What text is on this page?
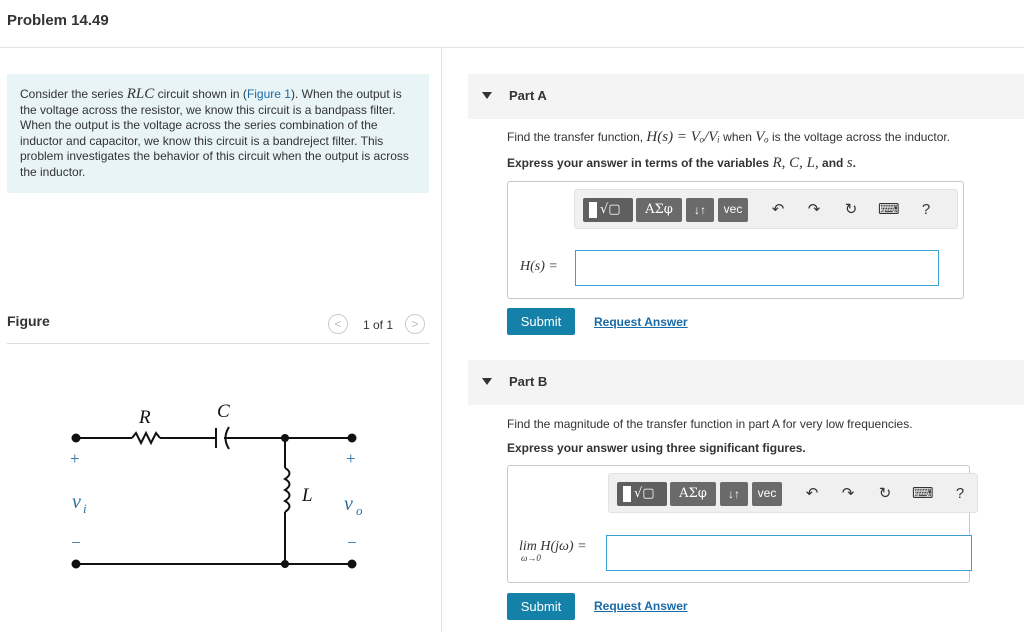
Problem 14.49
Consider the series RLC circuit shown in (Figure 1). When the output is the voltage across the resistor, we know this circuit is a bandpass filter. When the output is the voltage across the series combination of the inductor and capacitor, we know this circuit is a bandreject filter. This problem investigates the behavior of this circuit when the output is across the inductor.
Figure	<	1 of 1	>
R	C
L
+
v i
−
+
v o
−
Part A
Find the transfer function, H(s) = Vₒ/Vᵢ when Vₒ is the voltage across the inductor.
Express your answer in terms of the variables R, C, L, and s.
√▢	ΑΣφ	↓↑	vec	↶ ↷ ↻ ⌨	?
H(s) =
Submit	Request Answer
Part B
Find the magnitude of the transfer function in part A for very low frequencies.
Express your answer using three significant figures.
√▢	ΑΣφ	↓↑	vec	↶ ↷ ↻ ⌨	?
lim H(jω) =
ω→0
Submit	Request Answer
